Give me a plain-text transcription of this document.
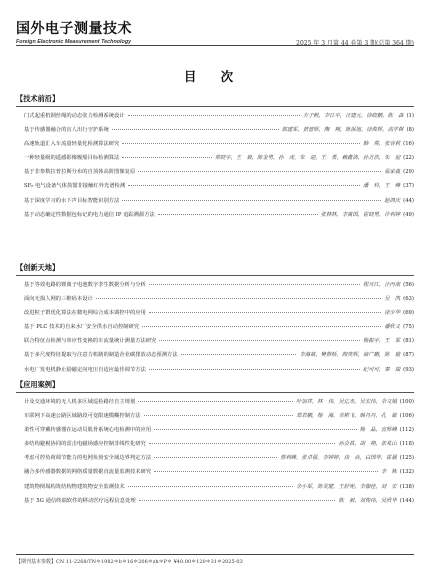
国外电子测量技术
Foreign Electronic Measurement Technology	2025 年 3 月第 44 卷第 3 期(总第 364 期)
目 次
【技术前沿】
门式起重机钢丝绳的动态张力检测系统设计	方子帆，李江平，汪建元，徐晓鹏，陈　森 (1)
基于传感器融合的盲人出行守护系统	郭建军，黄晋晖，陶　翔，陈保旭，徐俊辉，高学棋 (8)
高速轨道汇入车流量轻量化检测算法研究	韩　俊，张容莉 (16)
一种轻量级的遥感影像舰船目标检测算法	常晓宇，王　毅，陈金男，孙　虎，朱　迎，王　勇，赖鑫洛，孙方浩，朱　迎 (22)
基于非参数拉普拉斯分布的自顶体高阶图像复原	張家淼 (29)
SF₆ 电气设备气体蒸馏非接触红外光谱检测	潘　科，王　峰 (37)
基于深度学习的水下声目标智能识别方法	赵鸿庆 (44)
基于动态确定性数据包标记的电力通信 IP 追踪溯源方法	张林林，李寓国，霍晓男，许利婷 (49)
【创新天地】
基于等效电路的锂离子电池数字孪生数据分析与分析	程月江，汪丙南 (56)
面向无损人网的三维码本设计	吴　凯 (63)
改进粒子群优化算法在微电网综合成本调控中的应用	徐少华 (69)
基于 PLC 技术的自来水厂安全供水自动控制研究	潘欣义 (75)
联合特征点检测与单应性变换的车流量统计测量方法研究	杨振宇，王　军 (81)
基于多尺度特征提取与注意力机制的制造企业碳排放动态预测方法	李海斌，樊修桥，阎英辉，商广鹏，陈　璇 (87)
水电厂发电机静止励磁定向电压自适应最佳调节方法	纪可可，秦　瑞 (93)
【应用案例】
计及交通环境的无人机多区域巡检路径自主规划	叶加祥，林　伟，吴亿杰，吴宏伟，余文娟 (100)
车联网下高速公路区域路段可变限速模糊控制方法	郑君鹏，杨　海，余彬飞，韩丹丹，孔　敏 (106)
柔性可穿戴传感器在运动员肌骨系统心电检测中的应用	杨　晶，宣辉峰 (112)
多结构避税协同的雷击电磁场感应控制非线性化研究	孙会昌，胡　翔，张兆山 (118)
考虑可控负荷调节能力的电网负荷安全域边界判定方法	蔡利峰，张卓强，李婷婷，徐　垚，白国华，霍晨 (125)
融合多传感器数据的网络质量数据直流量监测技术研究	李　栋 (132)
建筑物倒塌构筑结构物建筑物安全监测技术	余小军，陈雯健，王舒宪，李伽佳，刘　宏 (138)
基于 5G 通信终端软件的移动医疗远程信息处理	陈　毅，刘俊伟，吴欣华 (144)
【期刊基本参数】CN 11-2268/TN＊1982＊b＊16＊206＊zh＊P＊ ¥40.00＊120＊31＊2025-03
